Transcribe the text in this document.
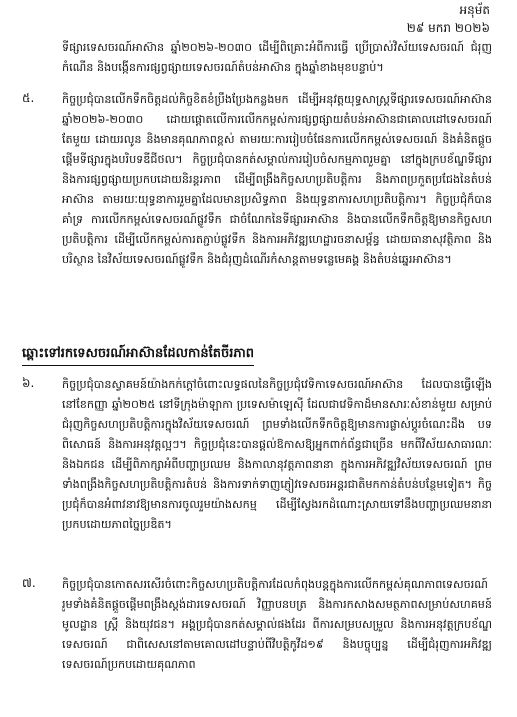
អនុម័ត
២៩ មករា ២០២៦
ទីផ្សារទេសចរណ៍អាស៊ាន ឆ្នាំ២០២៦-២០៣០ ដើម្បីពិគ្រោះអំពីការធ្វើ ប្រើប្រាស់វិស័យទេសចរណ៍ ជំរុញកំណើន និងបង្កើនការផ្សព្វផ្សាយទេសចរណ៍តំបន់អាស៊ាន ក្នុងឆ្នាំខាងមុខបន្ទាប់។
៥. កិច្ចប្រជុំបានលើកទឹកចិត្តដល់កិច្ចខិតខំប្រឹងប្រែងកន្លងមក ដើម្បីអនុវត្តយុទ្ធសាស្ត្រទីផ្សារទេសចរណ៍អាស៊ាន ឆ្នាំ២០២៦-២០៣០ ដោយផ្ដោតលើការលើកកម្ពស់ការផ្សព្វផ្សាយតំបន់អាស៊ានជាគោលដៅទេសចរណ៍តែមួយ ដោយរលូន និងមានគុណភាពខ្ពស់ តាមរយៈការរៀបចំផែនការលើកកម្ពស់ទេសចរណ៍ និងគំនិតផ្ដួចផ្ដើមទីផ្សារក្នុងបរិបទឌីជីថល។ កិច្ចប្រជុំបានកត់សម្គាល់ការរៀបចំសកម្មភាពរួមគ្នា នៅក្នុងក្របខ័ណ្ឌទីផ្សារ និងការផ្សព្វផ្សាយប្រកបដោយនិរន្តរភាព ដើម្បីពង្រឹងកិច្ចសហប្រតិបត្តិការ និងភាពប្រកួតប្រជែងនៃតំបន់អាស៊ាន តាមរយៈយុទ្ធនាការរួមគ្នាដែលមានប្រសិទ្ធភាព និងយុទ្ធនាការសហប្រតិបត្តិការ។ កិច្ចប្រជុំក៏បានគាំទ្រ ការលើកកម្ពស់ទេសចរណ៍ផ្លូវទឹក ជាចំណែកនៃទីផ្សារអាស៊ាន និងបានលើកទឹកចិត្តឱ្យមានកិច្ចសហប្រតិបត្តិការ ដើម្បីលើកកម្ពស់ការតភ្ជាប់ផ្លូវទឹក និងការអភិវឌ្ឍហេដ្ឋារចនាសម្ព័ន្ធ ដោយធានាសុវត្ថិភាព និងបរិស្ថាន នៃវិស័យទេសចរណ៍ផ្លូវទឹក និងជំរុញដំណើរកំសាន្តតាមទន្លេមេគង្គ និងតំបន់ឆ្នេរអាស៊ាន។
ឆ្ពោះទៅរកទេសចរណ៍អាស៊ានដែលកាន់តែចីរភាព
៦. កិច្ចប្រជុំបានស្វាគមន៍យ៉ាងកក់ក្ដៅចំពោះលទ្ធផលនៃកិច្ចប្រជុំវេទិកាទេសចរណ៍អាស៊ាន ដែលបានធ្វើឡើងនៅខែកញ្ញា ឆ្នាំ២០២៥ នៅទីក្រុងម៉ាឡាកា ប្រទេសម៉ាឡេស៊ី ដែលជាវេទិកាដ៏មានសារៈសំខាន់មួយ សម្រាប់ជំរុញកិច្ចសហប្រតិបត្តិការក្នុងវិស័យទេសចរណ៍ ព្រមទាំងលើកទឹកចិត្តឱ្យមានការផ្លាស់ប្ដូរចំណេះដឹង បទពិសោធន៍ និងការអនុវត្តល្អៗ។ កិច្ចប្រជុំនេះបានផ្ដល់ឱកាសឱ្យអ្នកពាក់ព័ន្ធជាច្រើន មកពីវិស័យសាធារណៈ និងឯកជន ដើម្បីពិភាក្សាអំពីបញ្ហាប្រឈម និងកាលានុវត្តភាពនានា ក្នុងការអភិវឌ្ឍវិស័យទេសចរណ៍ ព្រមទាំងពង្រឹងកិច្ចសហប្រតិបត្តិការតំបន់ និងការទាក់ទាញភ្ញៀវទេសចរអន្តរជាតិមកកាន់តំបន់បន្ថែមទៀត។ កិច្ចប្រជុំក៏បានអំពាវនាវឱ្យមានការចូលរួមយ៉ាងសកម្ម ដើម្បីស្វែងរកដំណោះស្រាយទៅនឹងបញ្ហាប្រឈមនានាប្រកបដោយភាពច្នៃប្រឌិត។
៧. កិច្ចប្រជុំបានកោតសរសើរចំពោះកិច្ចសហប្រតិបត្តិការដែលកំពុងបន្តក្នុងការលើកកម្ពស់គុណភាពទេសចរណ៍ រួមទាំងគំនិតផ្ដួចផ្ដើមពង្រឹងស្តង់ដារទេសចរណ៍ វិញ្ញាបនបត្រ និងការកសាងសមត្ថភាពសម្រាប់សហគមន៍មូលដ្ឋាន ស្ត្រី និងយុវជន។ អង្គប្រជុំបានកត់សម្គាល់ផងដែរ ពីការសម្របសម្រួល និងការអនុវត្តក្របខ័ណ្ឌទេសចរណ៍ ជាពិសេសនៅតាមគោលដៅបន្ទាប់ពីវិបត្តិកូវីដ១៩ និងបច្ចុប្បន្ន ដើម្បីជំរុញការអភិវឌ្ឍទេសចរណ៍ប្រកបដោយគុណភាព
